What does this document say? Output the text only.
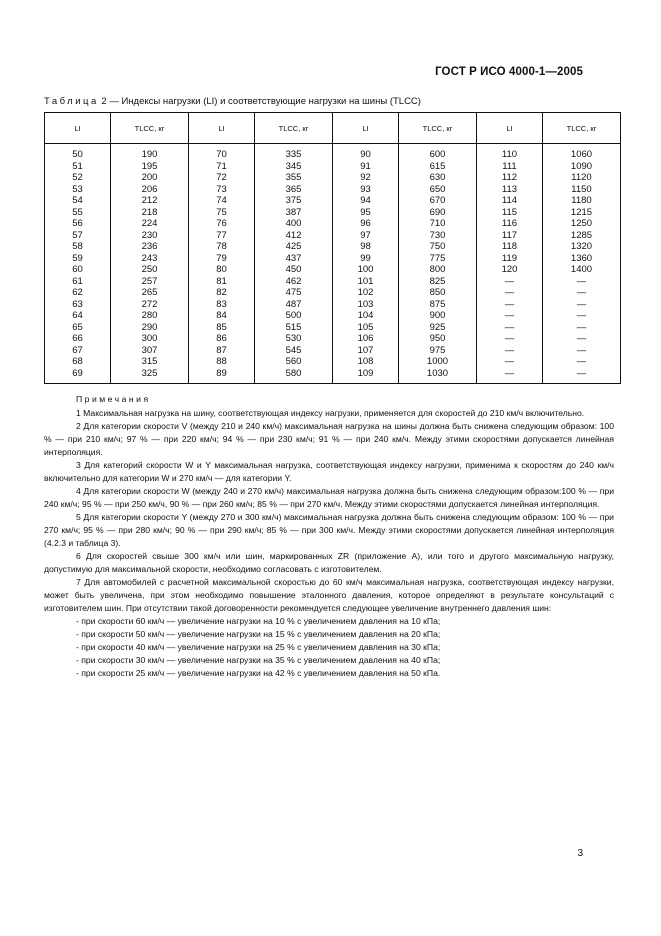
ГОСТ Р ИСО 4000-1—2005
Таблица 2 — Индексы нагрузки (LI) и соответствующие нагрузки на шины (TLCC)
LI	TLCC, кг	LI	TLCC, кг	LI	TLCC, кг	LI	TLCC, кг
50	190	70	335	90	600	110	1060
51	195	71	345	91	615	111	1090
52	200	72	355	92	630	112	1120
53	206	73	365	93	650	113	1150
54	212	74	375	94	670	114	1180
55	218	75	387	95	690	115	1215
56	224	76	400	96	710	116	1250
57	230	77	412	97	730	117	1285
58	236	78	425	98	750	118	1320
59	243	79	437	99	775	119	1360
60	250	80	450	100	800	120	1400
61	257	81	462	101	825	—	—
62	265	82	475	102	850	—	—
63	272	83	487	103	875	—	—
64	280	84	500	104	900	—	—
65	290	85	515	105	925	—	—
66	300	86	530	106	950	—	—
67	307	87	545	107	975	—	—
68	315	88	560	108	1000	—	—
69	325	89	580	109	1030	—	—
Примечания

1 Максимальная нагрузка на шину, соответствующая индексу нагрузки, применяется для скоростей до 210 км/ч включительно.

2 Для категории скорости V (между 210 и 240 км/ч) максимальная нагрузка на шины должна быть снижена следующим образом: 100 % — при 210 км/ч; 97 % — при 220 км/ч; 94 % — при 230 км/ч; 91 % — при 240 км/ч. Между этими скоростями допускается линейная интерполяция.

3 Для категорий скорости W и Y максимальная нагрузка, соответствующая индексу нагрузки, применима к скоростям до 240 км/ч включительно для категории W и 270 км/ч — для категории Y.

4 Для категории скорости W (между 240 и 270 км/ч) максимальная нагрузка должна быть снижена следующим образом:100 % — при 240 км/ч; 95 % — при 250 км/ч, 90 % — при 260 км/ч; 85 % — при 270 км/ч. Между этими скоростями допускается линейная интерполяция.

5 Для категории скорости Y (между 270 и 300 км/ч) максимальная нагрузка должна быть снижена следующим образом: 100 % — при 270 км/ч; 95 % — при 280 км/ч; 90 % — при 290 км/ч; 85 % — при 300 км/ч. Между этими скоростями допускается линейная интерполяция (4.2.3 и таблица 3).

6 Для скоростей свыше 300 км/ч или шин, маркированных ZR (приложение А), или того и другого максимальную нагрузку, допустимую для максимальной скорости, необходимо согласовать с изготовителем.

7 Для автомобилей с расчетной максимальной скоростью до 60 км/ч максимальная нагрузка, соответствующая индексу нагрузки, может быть увеличена, при этом необходимо повышение эталонного давления, которое определяют в результате консультаций с изготовителем шин. При отсутствии такой договоренности рекомендуется следующее увеличение внутреннего давления шин:

- при скорости 60 км/ч — увеличение нагрузки на 10 % с увеличением давления на 10 кПа;

- при скорости 50 км/ч — увеличение нагрузки на 15 % с увеличением давления на 20 кПа;

- при скорости 40 км/ч — увеличение нагрузки на 25 % с увеличением давления на 30 кПа;

- при скорости 30 км/ч — увеличение нагрузки на 35 % с увеличением давления на 40 кПа;

- при скорости 25 км/ч — увеличение нагрузки на 42 % с увеличением давления на 50 кПа.

3
